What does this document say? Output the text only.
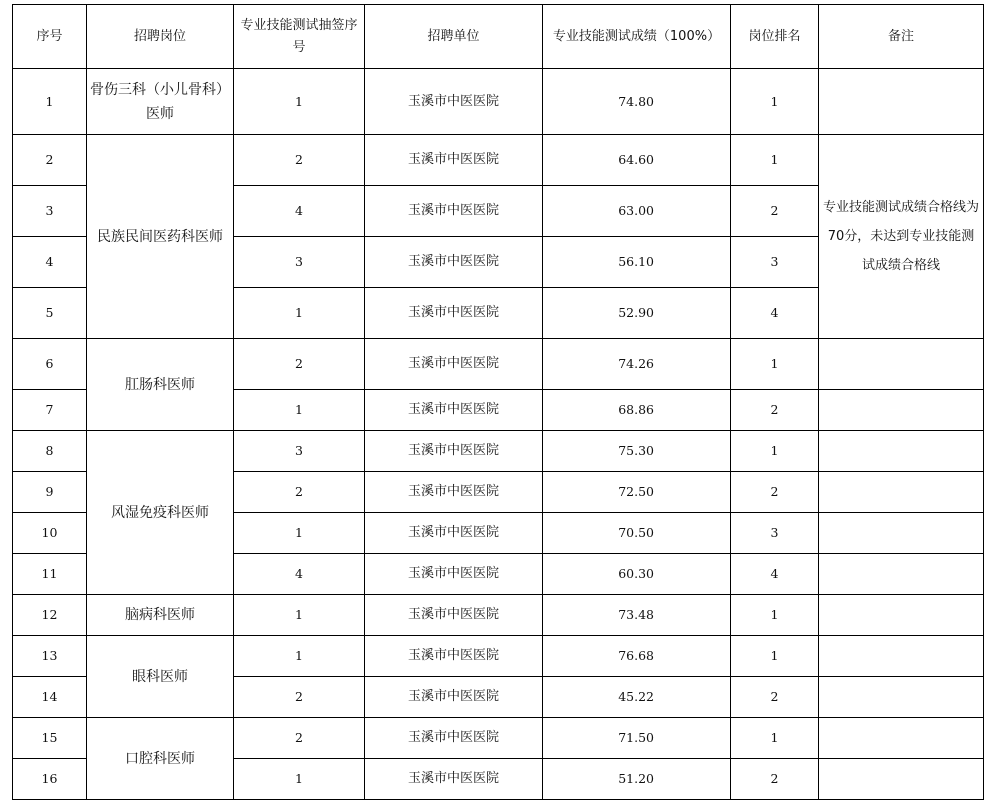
序号	招聘岗位	专业技能测试抽签序号	招聘单位	专业技能测试成绩（100%）	岗位排名	备注
1	骨伤三科（小儿骨科）医师	1	玉溪市中医医院	74.80	1	
2	民族民间医药科医师	2	玉溪市中医医院	64.60	1	专业技能测试成绩合格线为70分，未达到专业技能测试成绩合格线
3		4	玉溪市中医医院	63.00	2	
4		3	玉溪市中医医院	56.10	3	
5		1	玉溪市中医医院	52.90	4	
6	肛肠科医师	2	玉溪市中医医院	74.26	1	
7		1	玉溪市中医医院	68.86	2	
8	风湿免疫科医师	3	玉溪市中医医院	75.30	1	
9		2	玉溪市中医医院	72.50	2	
10		1	玉溪市中医医院	70.50	3	
11		4	玉溪市中医医院	60.30	4	
12	脑病科医师	1	玉溪市中医医院	73.48	1	
13	眼科医师	1	玉溪市中医医院	76.68	1	
14		2	玉溪市中医医院	45.22	2	
15	口腔科医师	2	玉溪市中医医院	71.50	1	
16		1	玉溪市中医医院	51.20	2	
